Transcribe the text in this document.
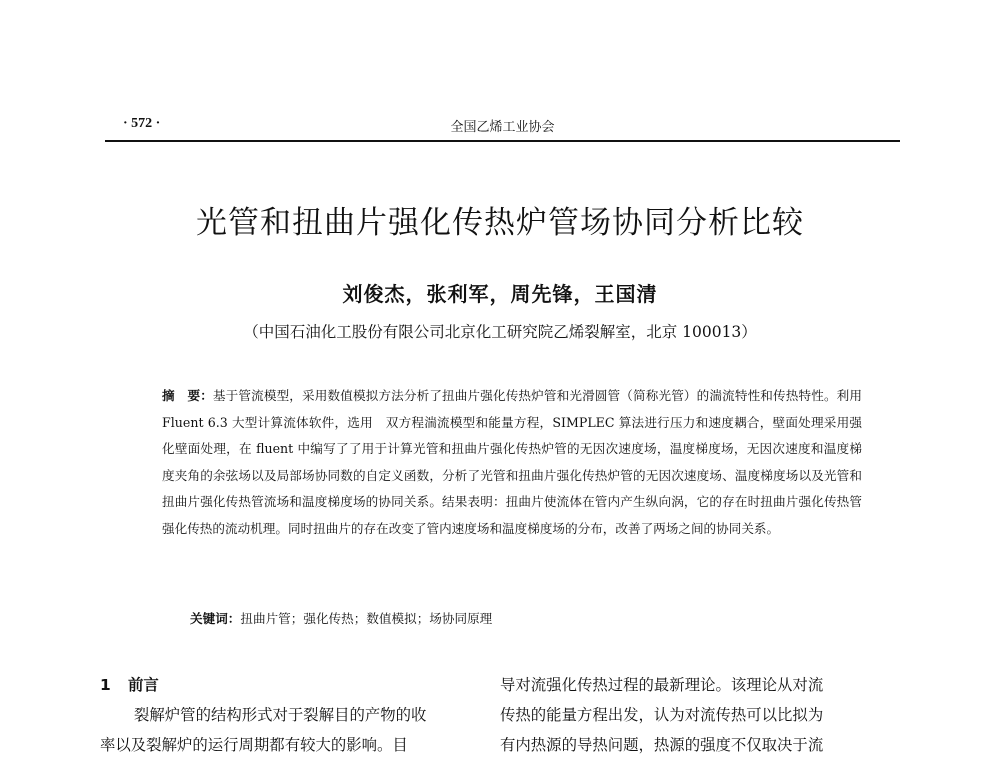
· 572 ·	全国乙烯工业协会
光管和扭曲片强化传热炉管场协同分析比较
刘俊杰，张利军，周先锋，王国清
（中国石油化工股份有限公司北京化工研究院乙烯裂解室，北京 100013）
摘　要：基于管流模型，采用数值模拟方法分析了扭曲片强化传热炉管和光滑圆管（简称光管）的湍流特性和传热特性。利用 Fluent 6.3 大型计算流体软件，选用　双方程湍流模型和能量方程，SIMPLEC 算法进行压力和速度耦合，壁面处理采用强化壁面处理，在 fluent 中编写了了用于计算光管和扭曲片强化传热炉管的无因次速度场，温度梯度场，无因次速度和温度梯度夹角的余弦场以及局部场协同数的自定义函数，分析了光管和扭曲片强化传热炉管的无因次速度场、温度梯度场以及光管和扭曲片强化传热管流场和温度梯度场的协同关系。结果表明：扭曲片使流体在管内产生纵向涡，它的存在时扭曲片强化传热管强化传热的流动机理。同时扭曲片的存在改变了管内速度场和温度梯度场的分布，改善了两场之间的协同关系。
关键词：扭曲片管；强化传热；数值模拟；场协同原理
1 前言
裂解炉管的结构形式对于裂解目的产物的收
率以及裂解炉的运行周期都有较大的影响。目
导对流强化传热过程的最新理论。该理论从对流
传热的能量方程出发，认为对流传热可以比拟为
有内热源的导热问题，热源的强度不仅取决于流
